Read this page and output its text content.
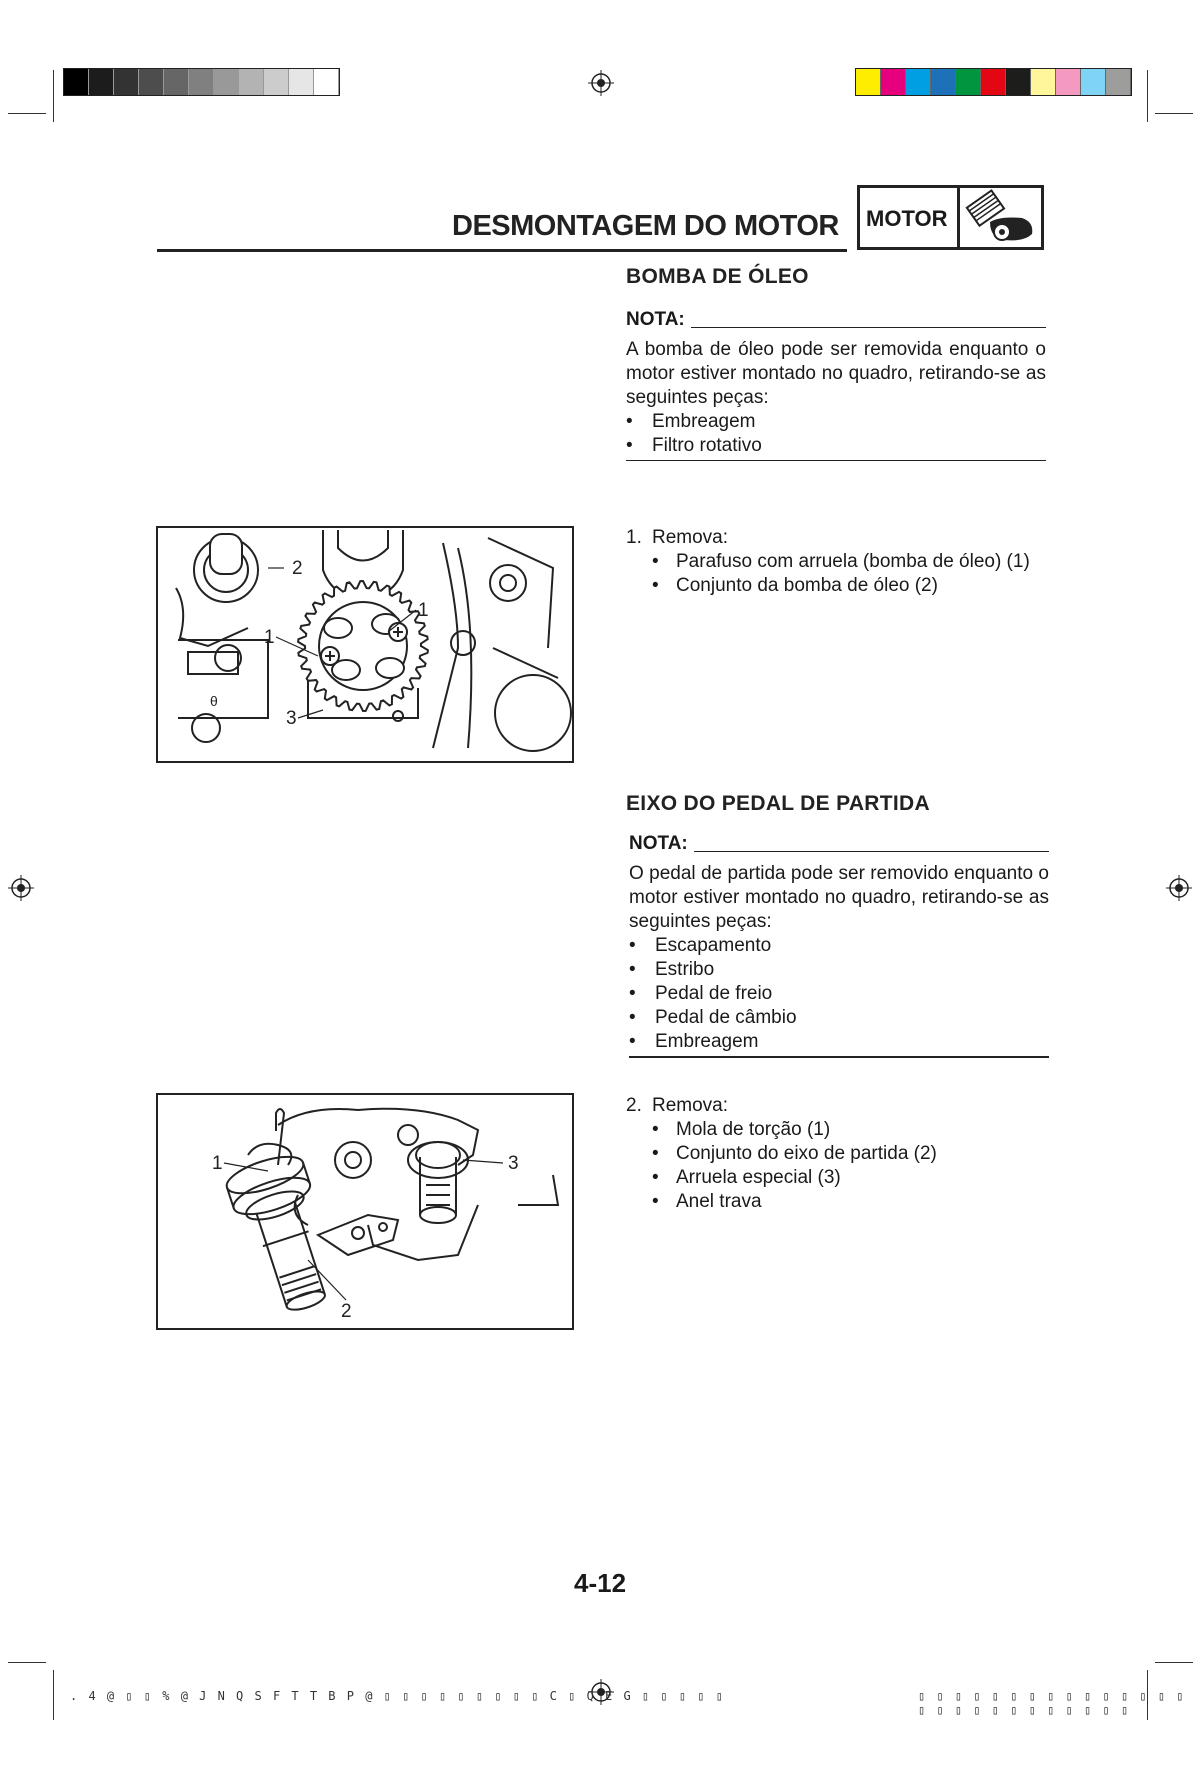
DESMONTAGEM DO MOTOR MOTOR
BOMBA DE ÓLEO
NOTA:
A bomba de óleo pode ser removida enquanto o motor estiver montado no quadro, retirando-se as seguintes peças:
•	Embreagem
•	Filtro rotativo
1. Remova:
• Parafuso com arruela (bomba de óleo) (1)
• Conjunto da bomba de óleo (2)
θ
2
1
1
3
EIXO DO PEDAL DE PARTIDA
NOTA:
O pedal de partida pode ser removido enquanto o motor estiver montado no quadro, retirando-se as seguintes peças:
•	Escapamento
•	Estribo
•	Pedal de freio
•	Pedal de câmbio
•	Embreagem
2. Remova:
• Mola de torção (1)
• Conjunto do eixo de partida (2)
• Arruela especial (3)
• Anel trava
1	3
2
4-12
. 4 @ ▯ ▯ % @ J N Q S F T T B P @ ▯ ▯ ▯ ▯ ▯ ▯ ▯ ▯ ▯ C ▯ Q E G ▯ ▯ ▯ ▯ ▯	▯ ▯ ▯ ▯ ▯ ▯ ▯ ▯ ▯ ▯ ▯ ▯ ▯ ▯ ▯ ▯ ▯ ▯ ▯ ▯ ▯ ▯ ▯ ▯ ▯ ▯ ▯
